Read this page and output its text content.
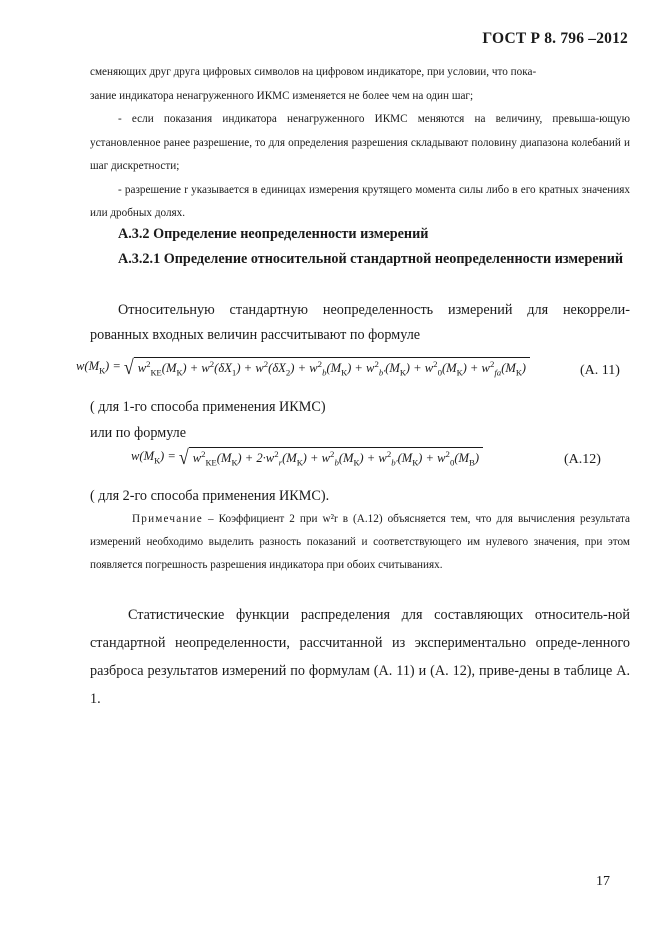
ГОСТ Р 8. 796 –2012

сменяющих друг друга цифровых символов на цифровом индикаторе, при условии, что пока-

зание индикатора ненагруженного ИКМС изменяется не более чем на один шаг;

- если показания индикатора ненагруженного ИКМС меняются на величину, превыша-ющую установленное ранее разрешение, то для определения разрешения складывают половину диапазона колебаний и шаг дискретности;

- разрешение r указывается в единицах измерения крутящего момента силы либо в его кратных значениях или дробных долях.

А.3.2 Определение неопределенности измерений

А.3.2.1 Определение относительной стандартной неопределенности измерений

Относительную стандартную неопределенность измерений для некоррели-рованных входных величин рассчитывают по формуле

$w(M_К)$ = √ $w^2_{КЕ}(M_К) + w^2(\delta X_1) + w^2(\delta X_2) + w^2_b(M_К) + w^2_{b'}(M_К) + w^2_0(M_К) + w^2_{fa}(M_К)$	(А. 11)

( для 1-го способа применения ИКМС)

или по формуле

$w(M_К)$ = √ $w^2_{КЕ}(M_К) + 2\cdot w^2_r(M_К) + w^2_b(M_К) + w^2_{b'}(M_К) + w^2_0(M_В)$	(А.12)

( для 2-го способа применения ИКМС).

Примечание – Коэффициент 2 при w²r в (А.12) объясняется тем, что для вычисления результата измерений необходимо выделить разность показаний и соответствующего им нулевого значения, при этом появляется погрешность разрешения индикатора при обоих считываниях.

Статистические функции распределения для составляющих относитель-ной стандартной неопределенности, рассчитанной из экспериментально опреде-ленного разброса результатов измерений по формулам (А. 11) и (А. 12), приве-дены в таблице А. 1.

17
